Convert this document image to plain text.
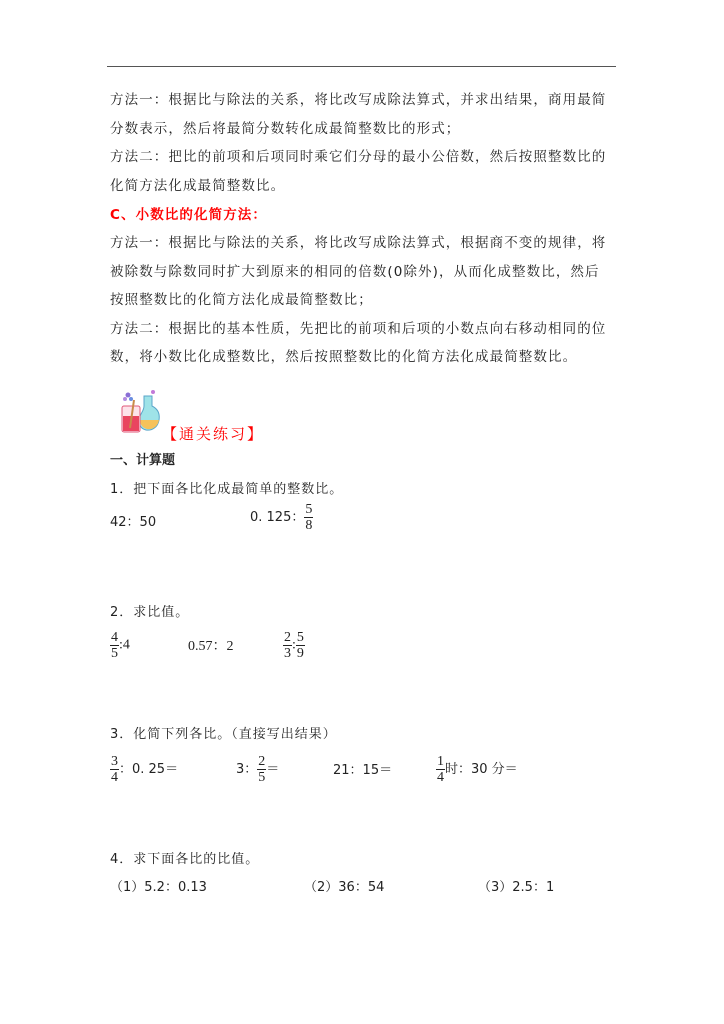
方法一：根据比与除法的关系，将比改写成除法算式，并求出结果，商用最简
分数表示，然后将最简分数转化成最简整数比的形式；
方法二：把比的前项和后项同时乘它们分母的最小公倍数，然后按照整数比的
化简方法化成最简整数比。
C、小数比的化简方法：
方法一：根据比与除法的关系，将比改写成除法算式，根据商不变的规律，将
被除数与除数同时扩大到原来的相同的倍数(0除外)，从而化成整数比，然后
按照整数比的化简方法化成最简整数比；
方法二：根据比的基本性质，先把比的前项和后项的小数点向右移动相同的位
数，将小数比化成整数比，然后按照整数比的化简方法化成最简整数比。
【通关练习】
一、计算题
1．把下面各比化成最简单的整数比。
42：50	0. 125： $\frac{5}{8}$
2．求比值。
$\frac{4}{5}$ :4	0.57：2	$\frac{2}{3}$ : $\frac{5}{9}$
3．化简下列各比。（直接写出结果）
$\frac{3}{4}$ ：0. 25＝	3： $\frac{2}{5}$ ＝	21：15＝	$\frac{1}{4}$ 时：30 分＝
4．求下面各比的比值。
（1）5.2：0.13	（2）36：54	（3）2.5：1
